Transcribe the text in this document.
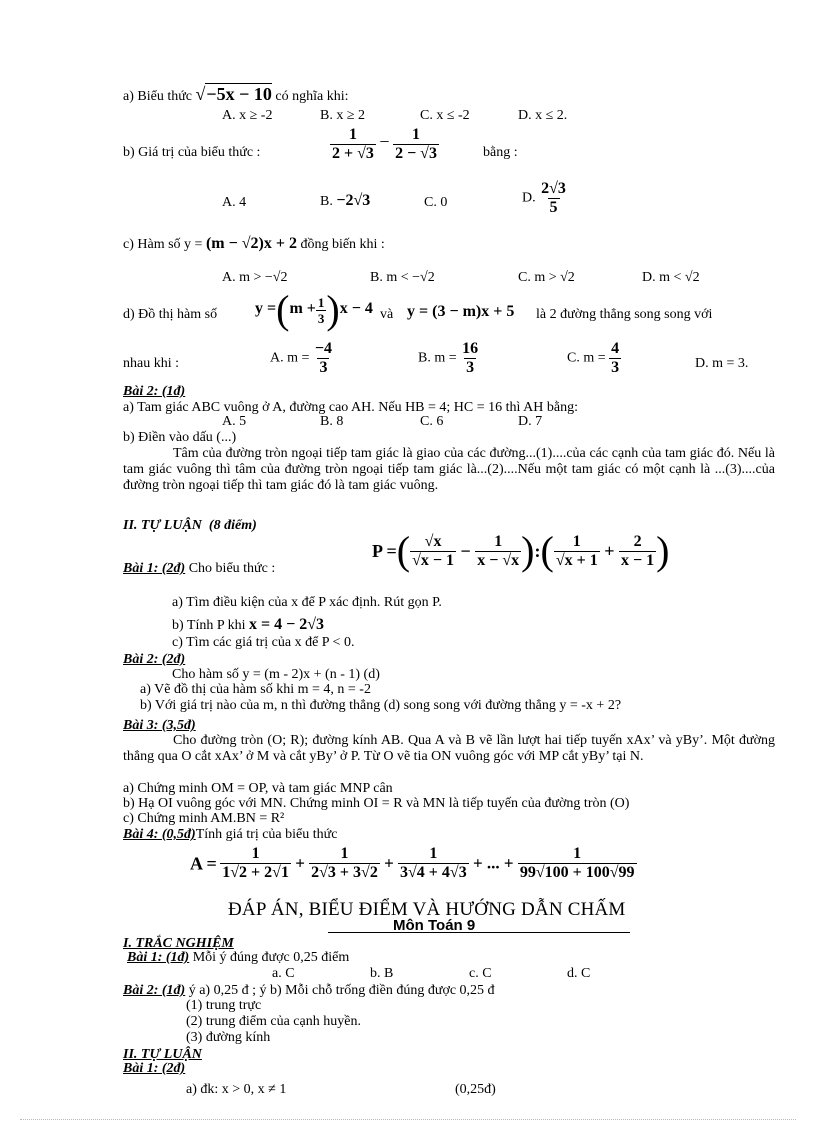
a) Biểu thức √−5x − 10 có nghĩa khi:
A. x ≥ -2	B. x ≥ 2	C. x ≤ -2	D. x ≤ 2.
b) Giá trị của biểu thức :	$\frac{1}{2 + √3} - \frac{1}{2 - √3}$	bằng :
A. 4	B. −2√3	C. 0	D. $\frac{2√3}{5}$
c) Hàm số y = (m − √2)x + 2 đồng biến khi :
A. m > −√2	B. m < −√2	C. m > √2	D. m < √2
d) Đồ thị hàm số $y =(m + \frac{1}{3} )x - 4$ và y = (3 − m)x + 5 là 2 đường thẳng song song với
nhau khi :	A. $m = \frac{-4}{3}$	B. $m = \frac{16}{3}$	C. $m = \frac{4}{3}$	D. m = 3.
Bài 2: (1đ)
a) Tam giác ABC vuông ở A, đường cao AH. Nếu HB = 4; HC = 16 thì AH bằng:
A. 5	B. 8	C. 6	D. 7
b) Điền vào dấu (...)
Tâm của đường tròn ngoại tiếp tam giác là giao của các đường...(1)....của các cạnh của tam giác đó. Nếu là tam giác vuông thì tâm của đường tròn ngoại tiếp tam giác là...(2)....Nếu một tam giác có một cạnh là ...(3)....của đường tròn ngoại tiếp thì tam giác đó là tam giác vuông.
II. TỰ LUẬN (8 điểm)
Bài 1: (2đ) Cho biểu thức :
P =( $\frac{√x}{√x - 1} - \frac{1}{x - √x}$ ):( $\frac{1}{√x + 1} + \frac{2}{x - 1}$ )
a) Tìm điều kiện của x để P xác định. Rút gọn P.
b) Tính P khi x = 4 − 2√3
c) Tìm các giá trị của x để P < 0.
Bài 2: (2đ)
Cho hàm số y = (m - 2)x + (n - 1) (d)
a) Vẽ đồ thị của hàm số khi m = 4, n = -2
b) Với giá trị nào của m, n thì đường thẳng (d) song song với đường thẳng y = -x + 2?
Bài 3: (3,5đ)
Cho đường tròn (O; R); đường kính AB. Qua A và B vẽ lần lượt hai tiếp tuyến xAx’ và yBy’. Một đường thẳng qua O cắt xAx’ ở M và cắt yBy’ ở P. Từ O vẽ tia ON vuông góc với MP cắt yBy’ tại N.
a) Chứng minh OM = OP, và tam giác MNP cân
b) Hạ OI vuông góc với MN. Chứng minh OI = R và MN là tiếp tuyến của đường tròn (O)
c) Chứng minh AM.BN = R²
Bài 4: (0,5đ)Tính giá trị của biểu thức
$A = \frac{1}{1√2 + 2√1} + \frac{1}{2√3 + 3√2} + \frac{1}{3√4 + 4√3}$ + ... + $\frac{1}{99√100 + 100√99}$
ĐÁP ÁN, BIỂU ĐIỂM VÀ HƯỚNG DẪN CHẤM
Môn Toán 9
I. TRẮC NGHIỆM
Bài 1: (1đ) Mỗi ý đúng được 0,25 điểm
a. C	b. B	c. C	d. C
Bài 2: (1đ) ý a) 0,25 đ ; ý b) Mỗi chỗ trống điền đúng được 0,25 đ
(1) trung trực
(2) trung điểm của cạnh huyền.
(3) đường kính
II. TỰ LUẬN
Bài 1: (2đ)
a) đk: x > 0, x ≠ 1	(0,25đ)
